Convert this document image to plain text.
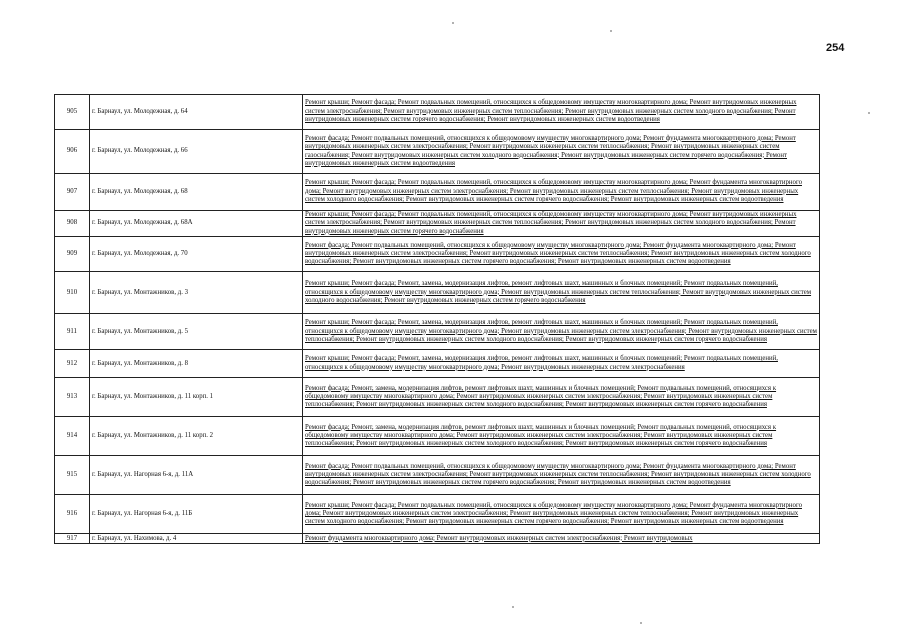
254
905	г. Барнаул, ул. Молодежная, д. 64	Ремонт крыши; Ремонт фасада; Ремонт подвальных помещений, относящихся к общедомовому имуществу многоквартирного дома; Ремонт внутридомовых инженерных систем электроснабжения; Ремонт внутридомовых инженерных систем теплоснабжения; Ремонт внутридомовых инженерных систем холодного водоснабжения; Ремонт внутридомовых инженерных систем горячего водоснабжения; Ремонт внутридомовых инженерных систем водоотведения
906	г. Барнаул, ул. Молодежная, д. 66	Ремонт фасада; Ремонт подвальных помещений, относящихся к общедомовому имуществу многоквартирного дома; Ремонт фундамента многоквартирного дома; Ремонт внутридомовых инженерных систем электроснабжения; Ремонт внутридомовых инженерных систем теплоснабжения; Ремонт внутридомовых инженерных систем газоснабжения; Ремонт внутридомовых инженерных систем холодного водоснабжения; Ремонт внутридомовых инженерных систем горячего водоснабжения; Ремонт внутридомовых инженерных систем водоотведения
907	г. Барнаул, ул. Молодежная, д. 68	Ремонт крыши; Ремонт фасада; Ремонт подвальных помещений, относящихся к общедомовому имуществу многоквартирного дома; Ремонт фундамента многоквартирного дома; Ремонт внутридомовых инженерных систем электроснабжения; Ремонт внутридомовых инженерных систем теплоснабжения; Ремонт внутридомовых инженерных систем холодного водоснабжения; Ремонт внутридомовых инженерных систем горячего водоснабжения; Ремонт внутридомовых инженерных систем водоотведения
908	г. Барнаул, ул. Молодежная, д. 68А	Ремонт крыши; Ремонт фасада; Ремонт подвальных помещений, относящихся к общедомовому имуществу многоквартирного дома; Ремонт внутридомовых инженерных систем электроснабжения; Ремонт внутридомовых инженерных систем теплоснабжения; Ремонт внутридомовых инженерных систем холодного водоснабжения; Ремонт внутридомовых инженерных систем горячего водоснабжения
909	г. Барнаул, ул. Молодежная, д. 70	Ремонт фасада; Ремонт подвальных помещений, относящихся к общедомовому имуществу многоквартирного дома; Ремонт фундамента многоквартирного дома; Ремонт внутридомовых инженерных систем электроснабжения; Ремонт внутридомовых инженерных систем теплоснабжения; Ремонт внутридомовых инженерных систем холодного водоснабжения; Ремонт внутридомовых инженерных систем горячего водоснабжения; Ремонт внутридомовых инженерных систем водоотведения
910	г. Барнаул, ул. Монтажников, д. 3	Ремонт крыши; Ремонт фасада; Ремонт, замена, модернизация лифтов, ремонт лифтовых шахт, машинных и блочных помещений; Ремонт подвальных помещений, относящихся к общедомовому имуществу многоквартирного дома; Ремонт внутридомовых инженерных систем теплоснабжения; Ремонт внутридомовых инженерных систем холодного водоснабжения; Ремонт внутридомовых инженерных систем горячего водоснабжения
911	г. Барнаул, ул. Монтажников, д. 5	Ремонт крыши; Ремонт фасада; Ремонт, замена, модернизация лифтов, ремонт лифтовых шахт, машинных и блочных помещений; Ремонт подвальных помещений, относящихся к общедомовому имуществу многоквартирного дома; Ремонт внутридомовых инженерных систем электроснабжения; Ремонт внутридомовых инженерных систем теплоснабжения; Ремонт внутридомовых инженерных систем холодного водоснабжения; Ремонт внутридомовых инженерных систем горячего водоснабжения
912	г. Барнаул, ул. Монтажников, д. 8	Ремонт крыши; Ремонт фасада; Ремонт, замена, модернизация лифтов, ремонт лифтовых шахт, машинных и блочных помещений; Ремонт подвальных помещений, относящихся к общедомовому имуществу многоквартирного дома; Ремонт внутридомовых инженерных систем электроснабжения
913	г. Барнаул, ул. Монтажников, д. 11 корп. 1	Ремонт фасада; Ремонт, замена, модернизация лифтов, ремонт лифтовых шахт, машинных и блочных помещений; Ремонт подвальных помещений, относящихся к общедомовому имуществу многоквартирного дома; Ремонт внутридомовых инженерных систем электроснабжения; Ремонт внутридомовых инженерных систем теплоснабжения; Ремонт внутридомовых инженерных систем холодного водоснабжения; Ремонт внутридомовых инженерных систем горячего водоснабжения
914	г. Барнаул, ул. Монтажников, д. 11 корп. 2	Ремонт фасада; Ремонт, замена, модернизация лифтов, ремонт лифтовых шахт, машинных и блочных помещений; Ремонт подвальных помещений, относящихся к общедомовому имуществу многоквартирного дома; Ремонт внутридомовых инженерных систем электроснабжения; Ремонт внутридомовых инженерных систем теплоснабжения; Ремонт внутридомовых инженерных систем холодного водоснабжения; Ремонт внутридомовых инженерных систем горячего водоснабжения
915	г. Барнаул, ул. Нагорная 6-я, д. 11А	Ремонт фасада; Ремонт подвальных помещений, относящихся к общедомовому имуществу многоквартирного дома; Ремонт фундамента многоквартирного дома; Ремонт внутридомовых инженерных систем электроснабжения; Ремонт внутридомовых инженерных систем теплоснабжения; Ремонт внутридомовых инженерных систем холодного водоснабжения; Ремонт внутридомовых инженерных систем горячего водоснабжения; Ремонт внутридомовых инженерных систем водоотведения
916	г. Барнаул, ул. Нагорная 6-я, д. 11Б	Ремонт крыши; Ремонт фасада; Ремонт подвальных помещений, относящихся к общедомовому имуществу многоквартирного дома; Ремонт фундамента многоквартирного дома; Ремонт внутридомовых инженерных систем электроснабжения; Ремонт внутридомовых инженерных систем теплоснабжения; Ремонт внутридомовых инженерных систем холодного водоснабжения; Ремонт внутридомовых инженерных систем горячего водоснабжения; Ремонт внутридомовых инженерных систем водоотведения
917	г. Барнаул, ул. Нахимова, д. 4	Ремонт фундамента многоквартирного дома; Ремонт внутридомовых инженерных систем электроснабжения; Ремонт внутридомовых
